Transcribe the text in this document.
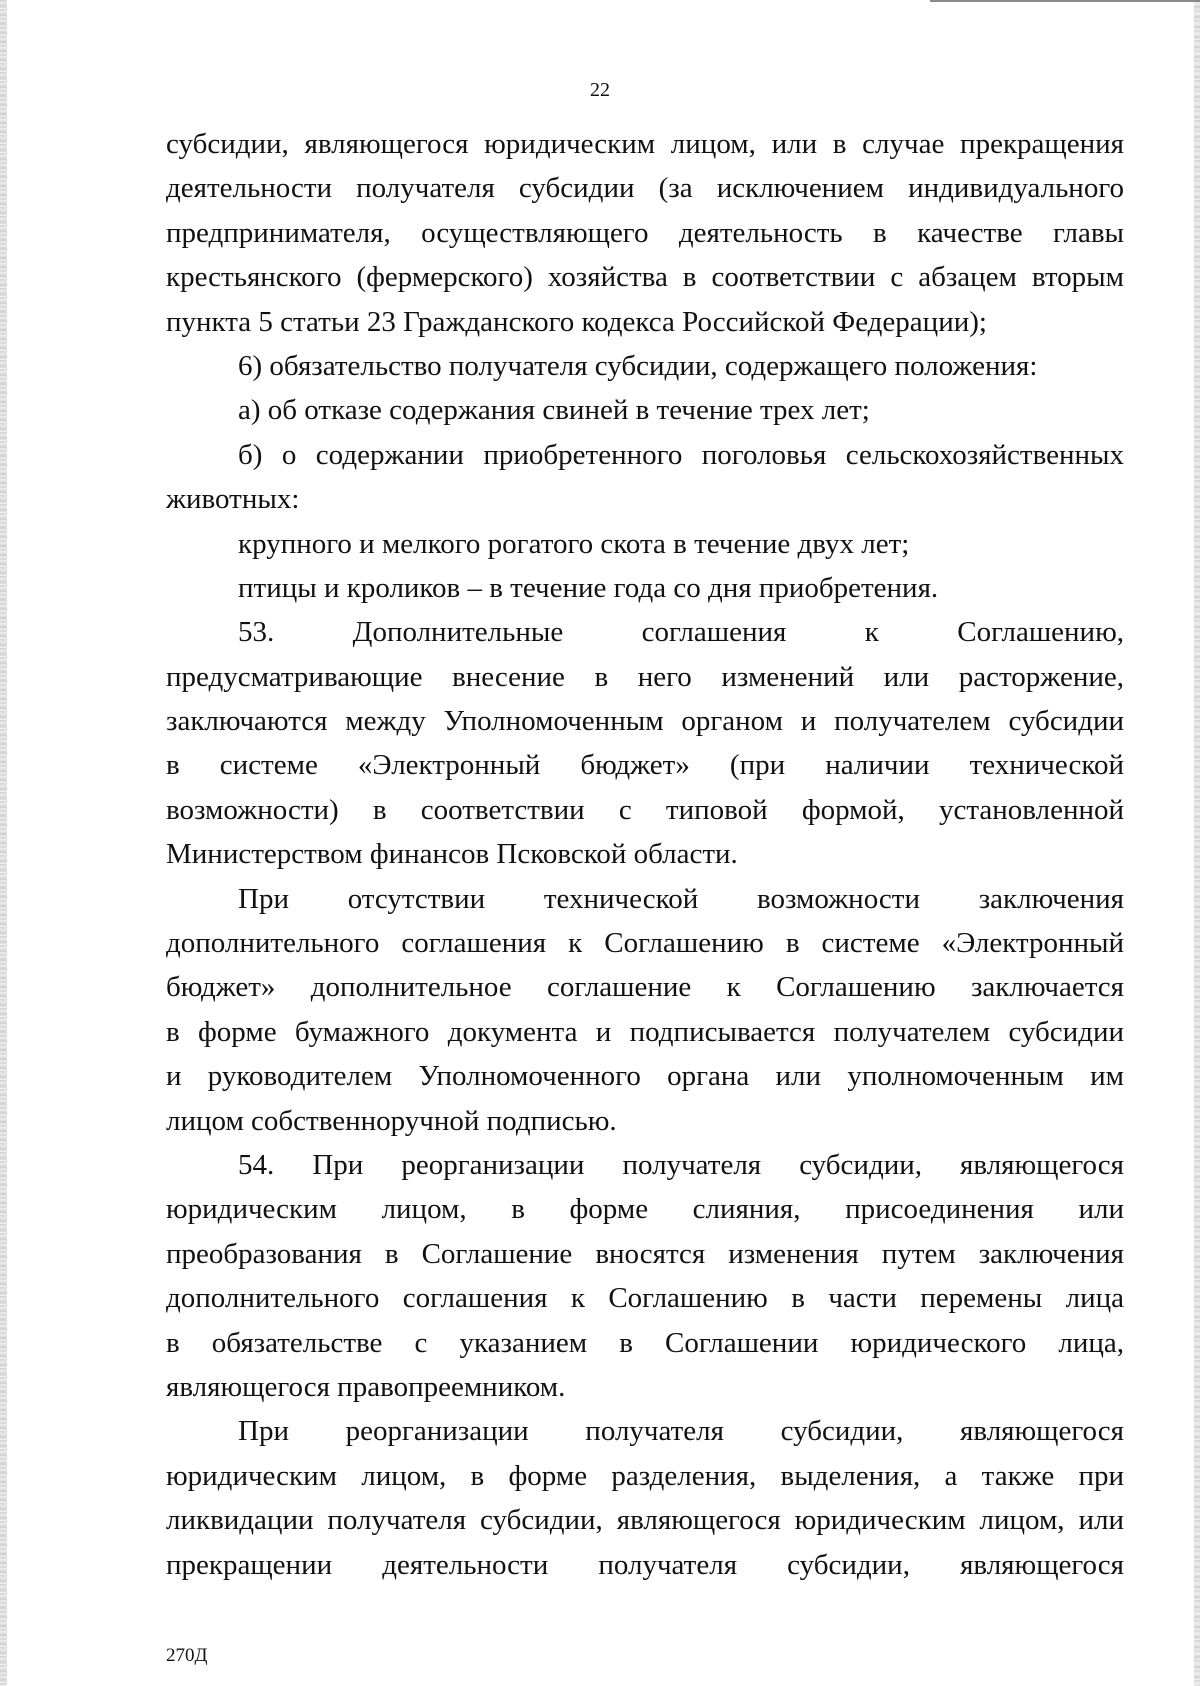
22
субсидии, являющегося юридическим лицом, или в случае прекращения
деятельности получателя субсидии (за исключением индивидуального
предпринимателя, осуществляющего деятельность в качестве главы
крестьянского (фермерского) хозяйства в соответствии с абзацем вторым
пункта 5 статьи 23 Гражданского кодекса Российской Федерации);
6) обязательство получателя субсидии, содержащего положения:
а) об отказе содержания свиней в течение трех лет;
б) о содержании приобретенного поголовья сельскохозяйственных
животных:
крупного и мелкого рогатого скота в течение двух лет;
птицы и кроликов – в течение года со дня приобретения.
53. Дополнительные соглашения к Соглашению,
предусматривающие внесение в него изменений или расторжение,
заключаются между Уполномоченным органом и получателем субсидии
в системе «Электронный бюджет» (при наличии технической
возможности) в соответствии с типовой формой, установленной
Министерством финансов Псковской области.
При отсутствии технической возможности заключения
дополнительного соглашения к Соглашению в системе «Электронный
бюджет» дополнительное соглашение к Соглашению заключается
в форме бумажного документа и подписывается получателем субсидии
и руководителем Уполномоченного органа или уполномоченным им
лицом собственноручной подписью.
54. При реорганизации получателя субсидии, являющегося
юридическим лицом, в форме слияния, присоединения или
преобразования в Соглашение вносятся изменения путем заключения
дополнительного соглашения к Соглашению в части перемены лица
в обязательстве с указанием в Соглашении юридического лица,
являющегося правопреемником.
При реорганизации получателя субсидии, являющегося
юридическим лицом, в форме разделения, выделения, а также при
ликвидации получателя субсидии, являющегося юридическим лицом, или
прекращении деятельности получателя субсидии, являющегося
270Д
